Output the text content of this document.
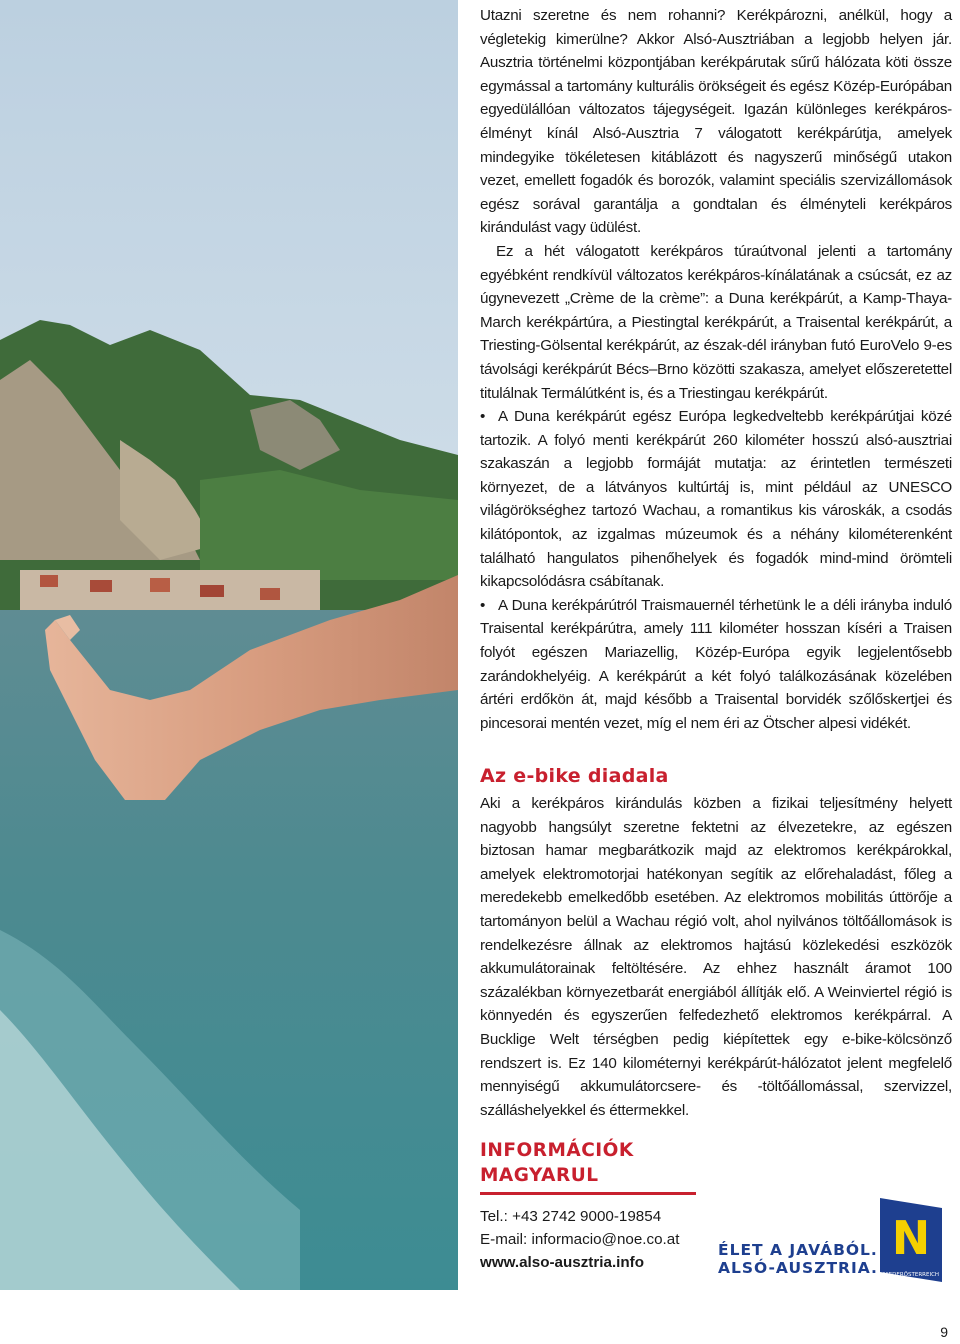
Utazni szeretne és nem rohanni? Kerékpározni, anélkül, hogy a végletekig kimerülne? Akkor Alsó-Ausztriában a legjobb helyen jár. Ausztria történelmi központjában kerékpárutak sűrű hálózata köti össze egymással a tartomány kulturális örökségeit és egész Közép-Európában egyedülállóan változatos tájegységeit. Igazán különleges kerékpáros-élményt kínál Alsó-Ausztria 7 válogatott kerékpárútja, amelyek mindegyike tökéletesen kitáblázott és nagyszerű minőségű utakon vezet, emellett fogadók és borozók, valamint speciális szervizállomások egész sorával garantálja a gondtalan és élményteli kerékpáros kirándulást vagy üdülést.

Ez a hét válogatott kerékpáros túraútvonal jelenti a tartomány egyébként rendkívül változatos kerékpáros-kínálatának a csúcsát, ez az úgynevezett „Crème de la crème”: a Duna kerékpárút, a Kamp-Thaya-March kerékpártúra, a Piestingtal kerékpárút, a Traisental kerékpárút, a Triesting-Gölsental kerékpárút, az észak-dél irányban futó EuroVelo 9-es távolsági kerékpárút Bécs–Brno közötti szakasza, amelyet előszeretettel titulálnak Termálútként is, és a Triestingau kerékpárút.

• A Duna kerékpárút egész Európa legkedveltebb kerékpárútjai közé tartozik. A folyó menti kerékpárút 260 kilométer hosszú alsó-ausztriai szakaszán a legjobb formáját mutatja: az érintetlen természeti környezet, de a látványos kultúrtáj is, mint például az UNESCO világörökséghez tartozó Wachau, a romantikus kis városkák, a csodás kilátópontok, az izgalmas múzeumok és a néhány kilométerenként található hangulatos pihenőhelyek és fogadók mind-mind örömteli kikapcsolódásra csábítanak.

• A Duna kerékpárútról Traismauernél térhetünk le a déli irányba induló Traisental kerékpárútra, amely 111 kilométer hosszan kíséri a Traisen folyót egészen Mariazellig, Közép-Európa egyik legjelentősebb zarándokhelyéig. A kerékpárút a két folyó találkozásának közelében ártéri erdőkön át, majd később a Traisental borvidék szőlőskertjei és pincesorai mentén vezet, míg el nem éri az Ötscher alpesi vidékét.

Az e-bike diadala

Aki a kerékpáros kirándulás közben a fizikai teljesítmény helyett nagyobb hangsúlyt szeretne fektetni az élvezetekre, az egészen biztosan hamar megbarátkozik majd az elektromos kerékpárokkal, amelyek elektromotorjai hatékonyan segítik az előrehaladást, főleg a meredekebb emelkedőbb esetében. Az elektromos mobilitás úttörője a tartományon belül a Wachau régió volt, ahol nyilvános töltőállomások is rendelkezésre állnak az elektromos hajtású közlekedési eszközök akkumulátorainak feltöltésére. Az ehhez használt áramot 100 százalékban környezetbarát energiából állítják elő. A Weinviertel régió is könnyedén és egyszerűen felfedezhető elektromos kerékpárral. A Bucklige Welt térségben pedig kiépítettek egy e-bike-kölcsönző rendszert is. Ez 140 kilométernyi kerékpárút-hálózatot jelent megfelelő mennyiségű akkumulátorcsere- és -töltőállomással, szervizzel, szálláshelyekkel és éttermekkel.

INFORMÁCIÓK
MAGYARUL
Tel.: +43 2742 9000-19854
E-mail: informacio@noe.co.at
www.also-ausztria.info
ÉLET A JAVÁBÓL.
ALSÓ-AUSZTRIA.
N
NIEDERÖSTERREICH
9
